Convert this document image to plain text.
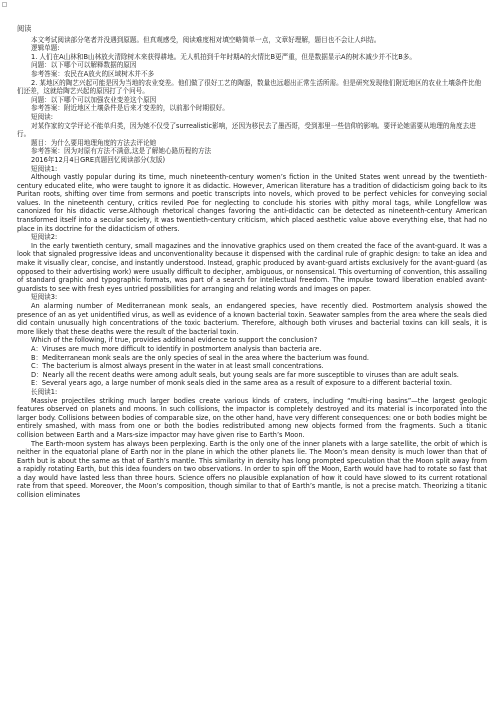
阅读
本文考试阅读部分笔者并没遇到原题。但真观感受，阅读难度相对填空略简单一点，文章好理解，题目也不会让人纠结。
逻辑单题:
1. 人们在A山林和B山林放火清除树木来获得耕地。无人机拍到千年时期A的火情比B更严重，但是数据显示A的树木减少并不比B多。
问题：以下哪个可以解释数据的原因
参考答案：农民在A放火的区域树木并不多
2. 某地区的陶艺兴起可能是因为当地的农业变差。他们做了很好工艺的陶器，数量也远超出正常生活所需。但是研究发现他们附近地区的农业土壤条件比他们还差，这就给陶艺兴起的原因打了个问号。
问题：以下哪个可以加强农业变差这个原因
参考答案：附近地区土壤条件是后来才变差的，以前那个时期很好。
短阅读:
对某作家的文学评论不能单归类，因为她不仅受了surrealistic影响，还因为移民去了墨西哥，受到那里一些信仰的影响。要评论她需要从地理的角度去进行。
题目：为什么要用地理角度的方法去评论她
参考答案：因为对原有方法不满意,这是了解她心路历程的方法
2016年12月4日GRE真题回忆阅读部分(友版)
短阅读1:

Although vastly popular during its time, much nineteenth-century women’s fiction in the United States went unread by the twentieth-century educated elite, who were taught to ignore it as didactic. However, American literature has a tradition of didacticism going back to its Puritan roots, shifting over time from sermons and poetic transcripts into novels, which proved to be perfect vehicles for conveying social values. In the nineteenth century, critics reviled Poe for neglecting to conclude his stories with pithy moral tags, while Longfellow was canonized for his didactic verse.Although rhetorical changes favoring the anti-didactic can be detected as nineteenth-century American transformed itself into a secular society, it was twentieth-century criticism, which placed aesthetic value above everything else, that had no place in its doctrine for the didacticism of others.

短阅读2:

In the early twentieth century, small magazines and the innovative graphics used on them created the face of the avant-guard. It was a look that signaled progressive ideas and unconventionality because it dispensed with the cardinal rule of graphic design: to take an idea and make it visually clear, concise, and instantly understood. Instead, graphic produced by avant-guard artists exclusively for the avant-guard (as opposed to their advertising work) were usually difficult to decipher, ambiguous, or nonsensical. This overturning of convention, this assailing of standard graphic and typographic formats, was part of a search for intellectual freedom. The impulse toward liberation enabled avant-guardists to see with fresh eyes untried possibilities for arranging and relating words and images on paper.

短阅读3:

An alarming number of Mediterranean monk seals, an endangered species, have recently died. Postmortem analysis showed the presence of an as yet unidentified virus, as well as evidence of a known bacterial toxin. Seawater samples from the area where the seals died did contain unusually high concentrations of the toxic bacterium. Therefore, although both viruses and bacterial toxins can kill seals, it is more likely that these deaths were the result of the bacterial toxin.

Which of the following, if true, provides additional evidence to support the conclusion?

A：Viruses are much more difficult to identify in postmortem analysis than bacteria are.

B：Mediterranean monk seals are the only species of seal in the area where the bacterium was found.

C：The bacterium is almost always present in the water in at least small concentrations.

D：Nearly all the recent deaths were among adult seals, but young seals are far more susceptible to viruses than are adult seals.

E：Several years ago, a large number of monk seals died in the same area as a result of exposure to a different bacterial toxin.

长阅读1:

Massive projectiles striking much larger bodies create various kinds of craters, including “multi-ring basins”—the largest geologic features observed on planets and moons. In such collisions, the impactor is completely destroyed and its material is incorporated into the larger body. Collisions between bodies of comparable size, on the other hand, have very different consequences: one or both bodies might be entirely smashed, with mass from one or both the bodies redistributed among new objects formed from the fragments. Such a titanic collision between Earth and a Mars-size impactor may have given rise to Earth’s Moon.

The Earth-moon system has always been perplexing. Earth is the only one of the inner planets with a large satellite, the orbit of which is neither in the equatorial plane of Earth nor in the plane in which the other planets lie. The Moon’s mean density is much lower than that of Earth but is about the same as that of Earth’s mantle. This similarity in density has long prompted speculation that the Moon split away from a rapidly rotating Earth, but this idea founders on two observations. In order to spin off the Moon, Earth would have had to rotate so fast that a day would have lasted less than three hours. Science offers no plausible explanation of how it could have slowed to its current rotational rate from that speed. Moreover, the Moon’s composition, though similar to that of Earth’s mantle, is not a precise match. Theorizing a titanic collision eliminates
